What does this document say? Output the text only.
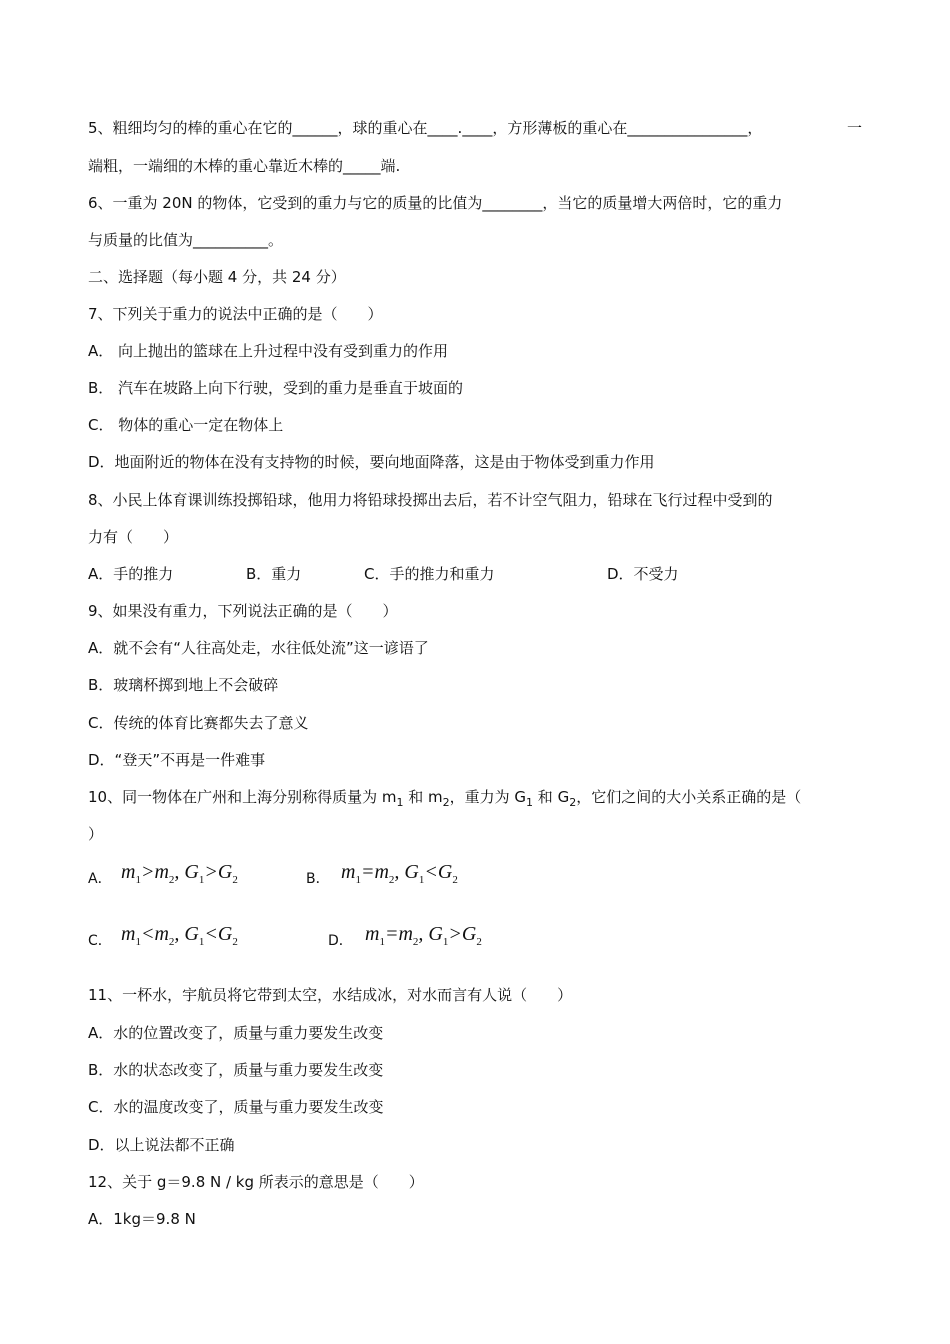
5、粗细均匀的棒的重心在它的______，球的重心在____.____，方形薄板的重心在________________，	一
端粗，一端细的木棒的重心靠近木棒的_____端.
6、一重为 20N 的物体，它受到的重力与它的质量的比值为________，当它的质量增大两倍时，它的重力
与质量的比值为__________。
二、选择题（每小题 4 分，共 24 分）
7、下列关于重力的说法中正确的是（　　）
A． 向上抛出的篮球在上升过程中没有受到重力的作用
B． 汽车在坡路上向下行驶，受到的重力是垂直于坡面的
C． 物体的重心一定在物体上
D．地面附近的物体在没有支持物的时候，要向地面降落，这是由于物体受到重力作用
8、小民上体育课训练投掷铅球，他用力将铅球投掷出去后，若不计空气阻力，铅球在飞行过程中受到的
力有（　　）
A．手的推力	B．重力	C．手的推力和重力	D．不受力
9、如果没有重力，下列说法正确的是（　　）
A．就不会有“人往高处走，水往低处流”这一谚语了
B．玻璃杯掷到地上不会破碎
C．传统的体育比赛都失去了意义
D．“登天”不再是一件难事
10、同一物体在广州和上海分别称得质量为 $m_1$ 和 $m_2$，重力为 $G_1$ 和 $G_2$，它们之间的大小关系正确的是（
）
A． $m_1>m_2$, $G_1>G_2$	B． $m_1=m_2$, $G_1<G_2$
C． $m_1<m_2$, $G_1<G_2$	D． $m_1=m_2$, $G_1>G_2$
11、一杯水，宇航员将它带到太空，水结成冰，对水而言有人说（　　）
A．水的位置改变了，质量与重力要发生改变
B．水的状态改变了，质量与重力要发生改变
C．水的温度改变了，质量与重力要发生改变
D．以上说法都不正确
12、关于 g＝9.8 N / kg 所表示的意思是（　　）
A．1kg＝9.8 N
